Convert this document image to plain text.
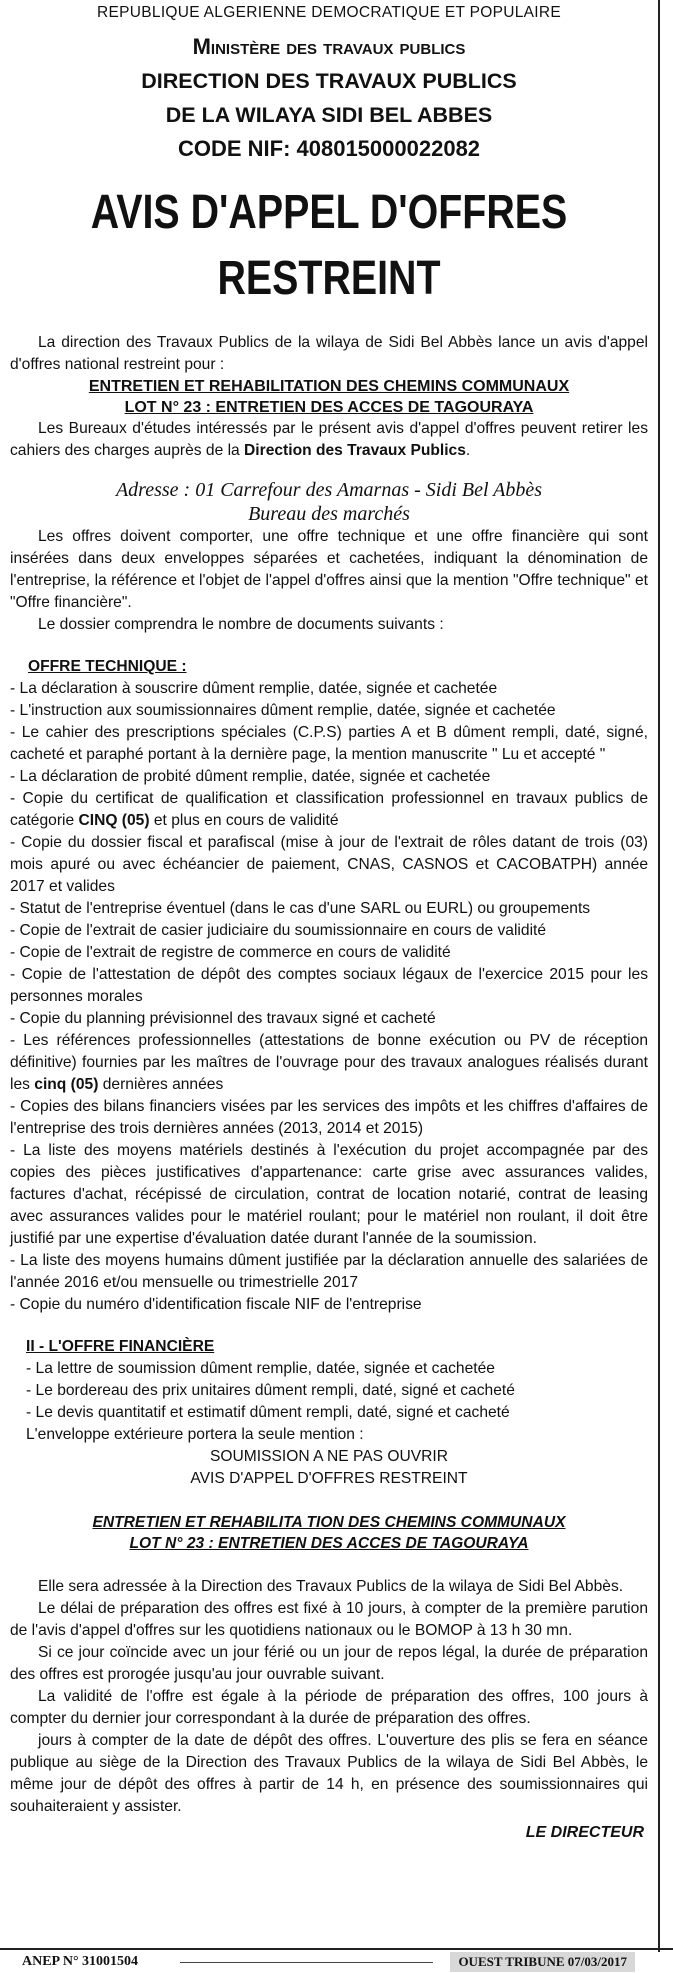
REPUBLIQUE ALGERIENNE DEMOCRATIQUE ET POPULAIRE
Ministère des travaux publics
DIRECTION DES TRAVAUX PUBLICS
DE LA WILAYA SIDI BEL ABBES
CODE NIF: 408015000022082
AVIS D'APPEL D'OFFRES
RESTREINT

La direction des Travaux Publics de la wilaya de Sidi Bel Abbès lance un avis d'appel d'offres national restreint pour :

ENTRETIEN ET REHABILITATION DES CHEMINS COMMUNAUX
LOT N° 23 : ENTRETIEN DES ACCES DE TAGOURAYA

Les Bureaux d'études intéressés par le présent avis d'appel d'offres peuvent retirer les cahiers des charges auprès de la Direction des Travaux Publics.

Adresse : 01 Carrefour des Amarnas - Sidi Bel Abbès
Bureau des marchés

Les offres doivent comporter, une offre technique et une offre financière qui sont insérées dans deux enveloppes séparées et cachetées, indiquant la dénomination de l'entreprise, la référence et l'objet de l'appel d'offres ainsi que la mention "Offre technique" et "Offre financière".

Le dossier comprendra le nombre de documents suivants :

OFFRE TECHNIQUE :
- La déclaration à souscrire dûment remplie, datée, signée et cachetée
- L'instruction aux soumissionnaires dûment remplie, datée, signée et cachetée
- Le cahier des prescriptions spéciales (C.P.S) parties A et B dûment rempli, daté, signé, cacheté et paraphé portant à la dernière page, la mention manuscrite " Lu et accepté "
- La déclaration de probité dûment remplie, datée, signée et cachetée
- Copie du certificat de qualification et classification professionnel en travaux publics de catégorie CINQ (05) et plus en cours de validité
- Copie du dossier fiscal et parafiscal (mise à jour de l'extrait de rôles datant de trois (03) mois apuré ou avec échéancier de paiement, CNAS, CASNOS et CACOBATPH) année 2017 et valides
- Statut de l'entreprise éventuel (dans le cas d'une SARL ou EURL) ou groupements
- Copie de l'extrait de casier judiciaire du soumissionnaire en cours de validité
- Copie de l'extrait de registre de commerce en cours de validité
- Copie de l'attestation de dépôt des comptes sociaux légaux de l'exercice 2015 pour les personnes morales
- Copie du planning prévisionnel des travaux signé et cacheté
- Les références professionnelles (attestations de bonne exécution ou PV de réception définitive) fournies par les maîtres de l'ouvrage pour des travaux analogues réalisés durant les cinq (05) dernières années
- Copies des bilans financiers visées par les services des impôts et les chiffres d'affaires de l'entreprise des trois dernières années (2013, 2014 et 2015)
- La liste des moyens matériels destinés à l'exécution du projet accompagnée par des copies des pièces justificatives d'appartenance: carte grise avec assurances valides, factures d'achat, récépissé de circulation, contrat de location notarié, contrat de leasing avec assurances valides pour le matériel roulant; pour le matériel non roulant, il doit être justifié par une expertise d'évaluation datée durant l'année de la soumission.
- La liste des moyens humains dûment justifiée par la déclaration annuelle des salariées de l'année 2016 et/ou mensuelle ou trimestrielle 2017
- Copie du numéro d'identification fiscale NIF de l'entreprise
II - L'OFFRE FINANCIÈRE
- La lettre de soumission dûment remplie, datée, signée et cachetée
- Le bordereau des prix unitaires dûment rempli, daté, signé et cacheté
- Le devis quantitatif et estimatif dûment rempli, daté, signé et cacheté
L'enveloppe extérieure portera la seule mention :
SOUMISSION A NE PAS OUVRIR
AVIS D'APPEL D'OFFRES RESTREINT
ENTRETIEN ET REHABILITA TION DES CHEMINS COMMUNAUX
LOT N° 23 : ENTRETIEN DES ACCES DE TAGOURAYA

Elle sera adressée à la Direction des Travaux Publics de la wilaya de Sidi Bel Abbès.

Le délai de préparation des offres est fixé à 10 jours, à compter de la première parution de l'avis d'appel d'offres sur les quotidiens nationaux ou le BOMOP à 13 h 30 mn.

Si ce jour coïncide avec un jour férié ou un jour de repos légal, la durée de préparation des offres est prorogée jusqu'au jour ouvrable suivant.

La validité de l'offre est égale à la période de préparation des offres, 100 jours à compter du dernier jour correspondant à la durée de préparation des offres.

jours à compter de la date de dépôt des offres. L'ouverture des plis se fera en séance publique au siège de la Direction des Travaux Publics de la wilaya de Sidi Bel Abbès, le même jour de dépôt des offres à partir de 14 h, en présence des soumissionnaires qui souhaiteraient y assister.

LE DIRECTEUR
ANEP N° 31001504	OUEST TRIBUNE 07/03/2017
